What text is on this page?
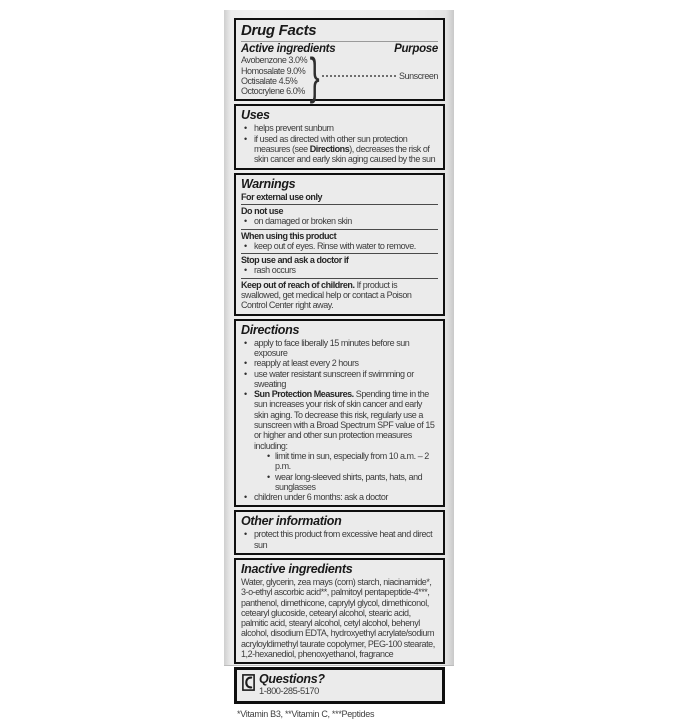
Drug Facts
Active ingredients	Purpose
Avobenzone 3.0%
Homosalate 9.0%
Octisalate 4.5%
Octocrylene 6.0% }	Sunscreen
Uses
• helps prevent sunburn
• if used as directed with other sun protection measures (see Directions), decreases the risk of skin cancer and early skin aging caused by the sun
Warnings
For external use only
Do not use
• on damaged or broken skin
When using this product
• keep out of eyes. Rinse with water to remove.
Stop use and ask a doctor if
• rash occurs
Keep out of reach of children. If product is swallowed, get medical help or contact a Poison Control Center right away.
Directions
• apply to face liberally 15 minutes before sun exposure
• reapply at least every 2 hours
• use water resistant sunscreen if swimming or sweating
• Sun Protection Measures. Spending time in the sun increases your risk of skin cancer and early skin aging. To decrease this risk, regularly use a sunscreen with a Broad Spectrum SPF value of 15 or higher and other sun protection measures including:
• limit time in sun, especially from 10 a.m. – 2 p.m.
• wear long-sleeved shirts, pants, hats, and sunglasses
• children under 6 months: ask a doctor
Other information
• protect this product from excessive heat and direct sun
Inactive ingredients
Water, glycerin, zea mays (corn) starch, niacinamide*, 3-o-ethyl ascorbic acid**, palmitoyl pentapeptide-4***, panthenol, dimethicone, caprylyl glycol, dimethiconol, cetearyl glucoside, cetearyl alcohol, stearic acid, palmitic acid, stearyl alcohol, cetyl alcohol, behenyl alcohol, disodium EDTA, hydroxyethyl acrylate/sodium acryloyldimethyl taurate copolymer, PEG-100 stearate, 1,2-hexanediol, phenoxyethanol, fragrance
Questions?
1-800-285-5170
*Vitamin B3, **Vitamin C, ***Peptides
